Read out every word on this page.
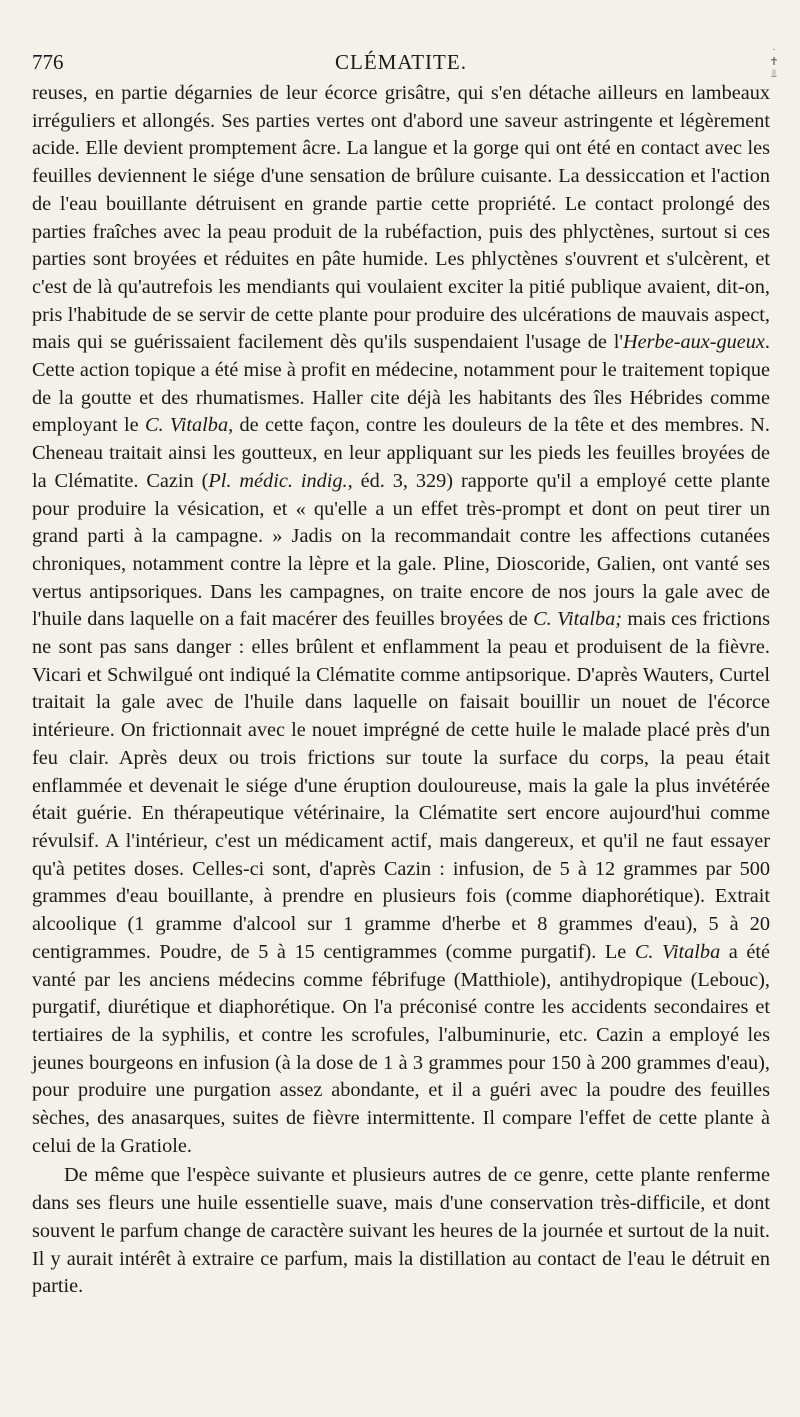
776	CLÉMATITE.

reuses, en partie dégarnies de leur écorce grisâtre, qui s'en détache ailleurs en lambeaux irréguliers et allongés. Ses parties vertes ont d'abord une saveur astringente et légèrement acide. Elle devient promptement âcre. La langue et la gorge qui ont été en contact avec les feuilles deviennent le siége d'une sensation de brûlure cuisante. La dessiccation et l'action de l'eau bouillante détruisent en grande partie cette propriété. Le contact prolongé des parties fraîches avec la peau produit de la rubéfaction, puis des phlyctènes, surtout si ces parties sont broyées et réduites en pâte humide. Les phlyctènes s'ouvrent et s'ulcèrent, et c'est de là qu'autrefois les mendiants qui voulaient exciter la pitié publique avaient, dit-on, pris l'habitude de se servir de cette plante pour produire des ulcérations de mauvais aspect, mais qui se guérissaient facilement dès qu'ils suspendaient l'usage de l'Herbe-aux-gueux. Cette action topique a été mise à profit en médecine, notamment pour le traitement topique de la goutte et des rhumatismes. Haller cite déjà les habitants des îles Hébrides comme employant le C. Vitalba, de cette façon, contre les douleurs de la tête et des membres. N. Cheneau traitait ainsi les goutteux, en leur appliquant sur les pieds les feuilles broyées de la Clématite. Cazin (Pl. médic. indig., éd. 3, 329) rapporte qu'il a employé cette plante pour produire la vésication, et « qu'elle a un effet très-prompt et dont on peut tirer un grand parti à la campagne. » Jadis on la recommandait contre les affections cutanées chroniques, notamment contre la lèpre et la gale. Pline, Dioscoride, Galien, ont vanté ses vertus antipsoriques. Dans les campagnes, on traite encore de nos jours la gale avec de l'huile dans laquelle on a fait macérer des feuilles broyées de C. Vitalba; mais ces frictions ne sont pas sans danger : elles brûlent et enflamment la peau et produisent de la fièvre. Vicari et Schwilgué ont indiqué la Clématite comme antipsorique. D'après Wauters, Curtel traitait la gale avec de l'huile dans laquelle on faisait bouillir un nouet de l'écorce intérieure. On frictionnait avec le nouet imprégné de cette huile le malade placé près d'un feu clair. Après deux ou trois frictions sur toute la surface du corps, la peau était enflammée et devenait le siége d'une éruption douloureuse, mais la gale la plus invétérée était guérie. En thérapeutique vétérinaire, la Clématite sert encore aujourd'hui comme révulsif. A l'intérieur, c'est un médicament actif, mais dangereux, et qu'il ne faut essayer qu'à petites doses. Celles-ci sont, d'après Cazin : infusion, de 5 à 12 grammes par 500 grammes d'eau bouillante, à prendre en plusieurs fois (comme diaphorétique). Extrait alcoolique (1 gramme d'alcool sur 1 gramme d'herbe et 8 grammes d'eau), 5 à 20 centigrammes. Poudre, de 5 à 15 centigrammes (comme purgatif). Le C. Vitalba a été vanté par les anciens médecins comme fébrifuge (Matthiole), antihydropique (Lebouc), purgatif, diurétique et diaphorétique. On l'a préconisé contre les accidents secondaires et tertiaires de la syphilis, et contre les scrofules, l'albuminurie, etc. Cazin a employé les jeunes bourgeons en infusion (à la dose de 1 à 3 grammes pour 150 à 200 grammes d'eau), pour produire une purgation assez abondante, et il a guéri avec la poudre des feuilles sèches, des anasarques, suites de fièvre intermittente. Il compare l'effet de cette plante à celui de la Gratiole.

De même que l'espèce suivante et plusieurs autres de ce genre, cette plante renferme dans ses fleurs une huile essentielle suave, mais d'une conservation très-difficile, et dont souvent le parfum change de caractère suivant les heures de la journée et surtout de la nuit. Il y aurait intérêt à extraire ce parfum, mais la distillation au contact de l'eau le détruit en partie.

· ✝ ⫫
